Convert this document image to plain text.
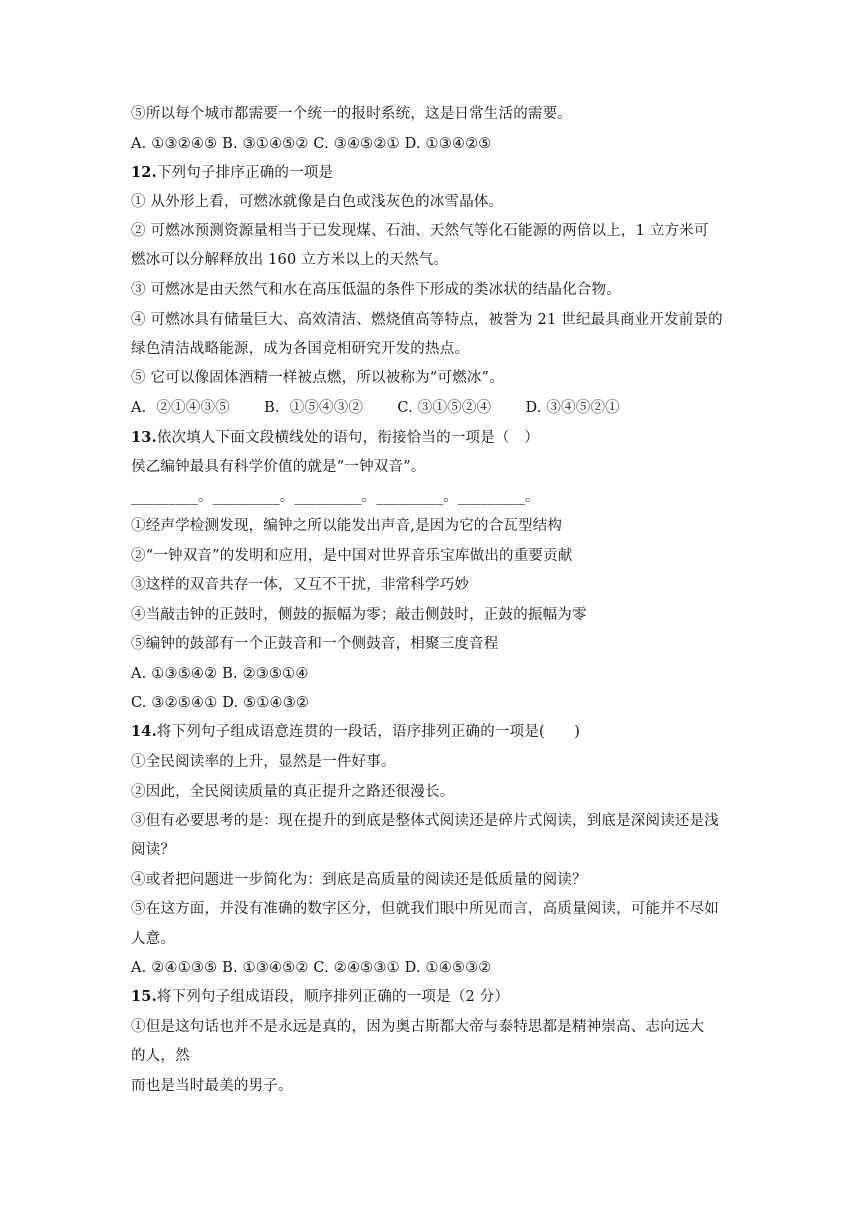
⑤所以每个城市都需要一个统一的报时系统，这是日常生活的需要。
A. ①③②④⑤ B. ③①④⑤② C. ③④⑤②① D. ①③④②⑤
12.下列句子排序正确的一项是
① 从外形上看，可燃冰就像是白色或浅灰色的冰雪晶体。
② 可燃冰预测资源量相当于已发现煤、石油、天然气等化石能源的两倍以上，1 立方米可
燃冰可以分解释放出 160 立方米以上的天然气。
③ 可燃冰是由天然气和水在高压低温的条件下形成的类冰状的结晶化合物。
④ 可燃冰具有储量巨大、高效清洁、燃烧值高等特点，被誉为 21 世纪最具商业开发前景的
绿色清洁战略能源，成为各国竞相研究开发的热点。
⑤ 它可以像固体酒精一样被点燃，所以被称为“可燃冰”。
A．②①④③⑤　　 B．①⑤④③②　　 C. ③①⑤②④　　 D. ③④⑤②①
13.依次填人下面文段横线处的语句，衔接恰当的一项是（　）
侯乙编钟最具有科学价值的就是“一钟双音”。
_________。_________。_________。_________。_________。
①经声学检测发现，编钟之所以能发出声音,是因为它的合瓦型结构
②“一钟双音”的发明和应用，是中国对世界音乐宝库做出的重要贡献
③这样的双音共存一体，又互不干扰，非常科学巧妙
④当敲击钟的正鼓时，侧鼓的振幅为零；敲击侧鼓时，正鼓的振幅为零
⑤编钟的鼓部有一个正鼓音和一个侧鼓音，相聚三度音程
A. ①③⑤④② B. ②③⑤①④
C. ③②⑤④① D. ⑤①④③②
14.将下列句子组成语意连贯的一段话，语序排列正确的一项是(　　)
①全民阅读率的上升，显然是一件好事。
②因此，全民阅读质量的真正提升之路还很漫长。
③但有必要思考的是：现在提升的到底是整体式阅读还是碎片式阅读，到底是深阅读还是浅
阅读？
④或者把问题进一步简化为：到底是高质量的阅读还是低质量的阅读？
⑤在这方面，并没有准确的数字区分，但就我们眼中所见而言，高质量阅读，可能并不尽如
人意。
A. ②④①③⑤ B. ①③④⑤② C. ②④⑤③① D. ①④⑤③②
15.将下列句子组成语段，顺序排列正确的一项是（2 分）
①但是这句话也并不是永远是真的，因为奥古斯都大帝与泰特思都是精神崇高、志向远大
的人，然
而也是当时最美的男子。
